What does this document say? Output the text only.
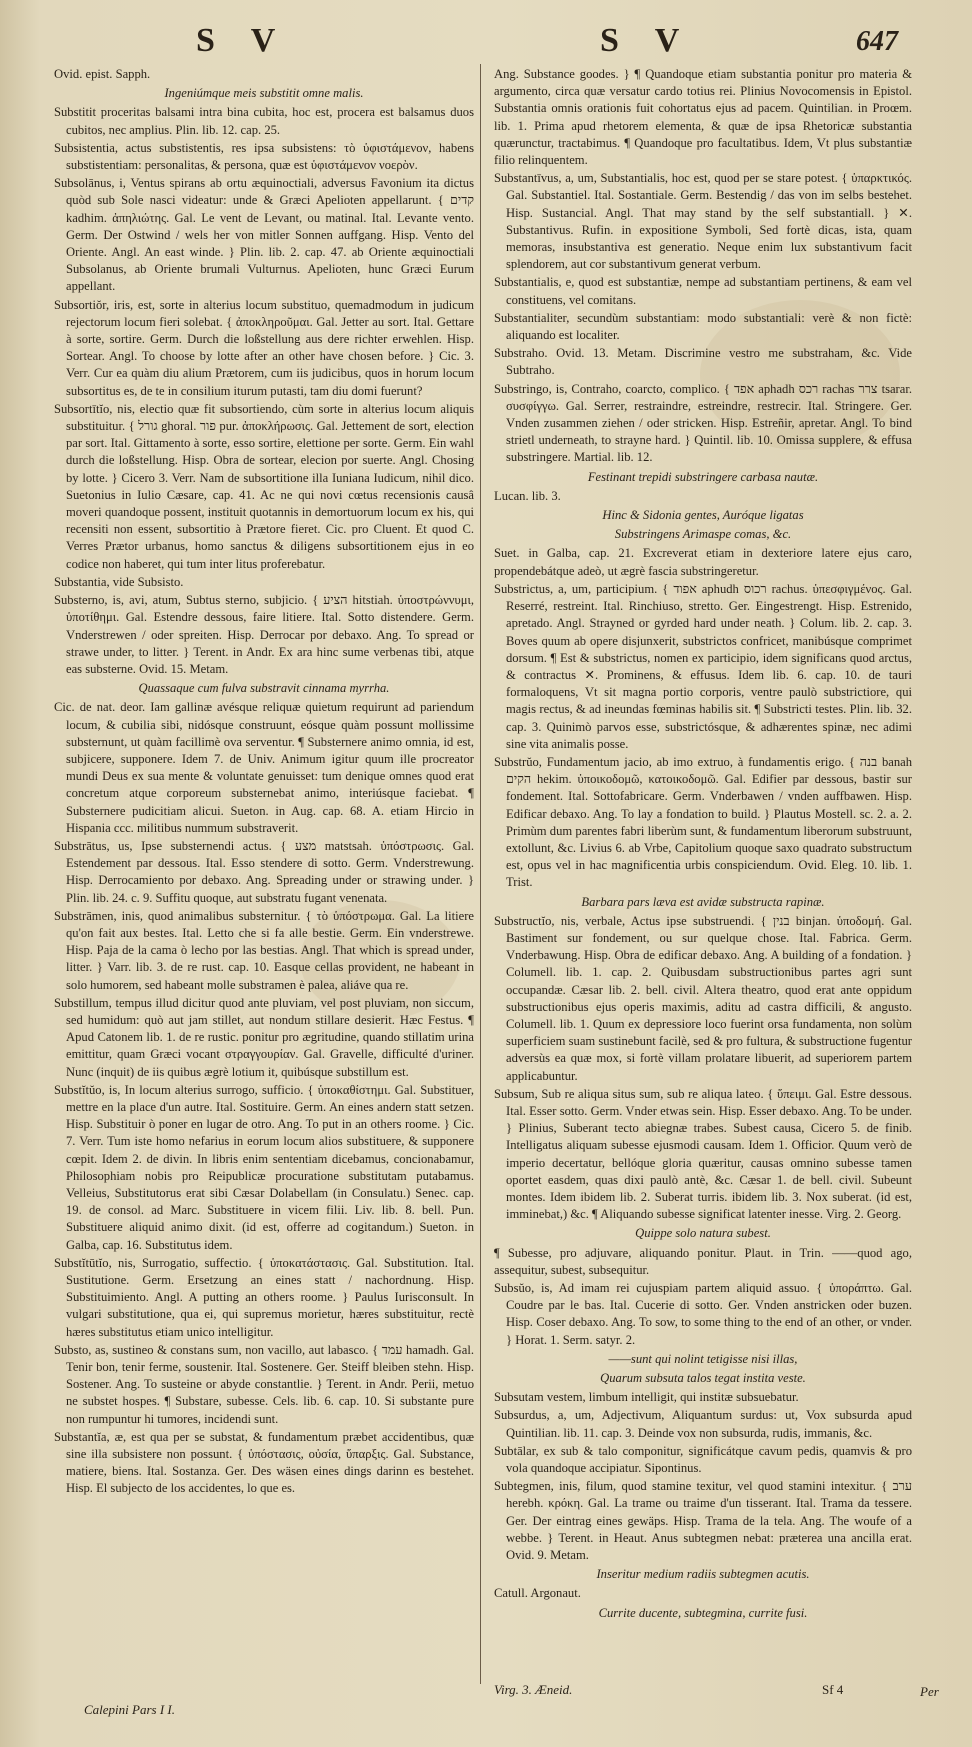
S V	S V	647

Ovid. epist. Sapph.

Ingeniúmque meis substitit omne malis.

Substitit proceritas balsami intra bina cubita, hoc est, procera est balsamus duos cubitos, nec amplius. Plin. lib. 12. cap. 25.

Subsistentia, actus substistentis, res ipsa subsistens: τὸ ὑφιστάμενον, habens substistentiam: personalitas, & persona, quæ est ὑφιστάμενον νοερὸν.

Subsolānus, i, Ventus spirans ab ortu æquinoctiali, adversus Favonium ita dictus quòd sub Sole nasci videatur: unde & Græci Apelioten appellarunt. { קדים kadhim. ἀπηλιώτης. Gal. Le vent de Levant, ou matinal. Ital. Levante vento. Germ. Der Ostwind / wels her von mitler Sonnen auffgang. Hisp. Vento del Oriente. Angl. An east winde. } Plin. lib. 2. cap. 47. ab Oriente æquinoctiali Subsolanus, ab Oriente brumali Vulturnus. Apelioten, hunc Græci Eurum appellant.

Subsortiŏr, iris, est, sorte in alterius locum substituo, quemadmodum in judicum rejectorum locum fieri solebat. { ἀποκληροῦμαι. Gal. Jetter au sort. Ital. Gettare à sorte, sortire. Germ. Durch die loßstellung aus dere richter erwehlen. Hisp. Sortear. Angl. To choose by lotte after an other have chosen before. } Cic. 3. Verr. Cur ea quàm diu alium Prætorem, cum iis judicibus, quos in horum locum subsortitus es, de te in consilium iturum putasti, tam diu domi fuerunt?

Subsortītĭo, nis, electio quæ fit subsortiendo, cùm sorte in alterius locum aliquis substituitur. { גורל ghoral. פור pur. ἀποκλήρωσις. Gal. Jettement de sort, election par sort. Ital. Gittamento à sorte, esso sortire, elettione per sorte. Germ. Ein wahl durch die loßstellung. Hisp. Obra de sortear, elecion por suerte. Angl. Chosing by lotte. } Cicero 3. Verr. Nam de subsortitione illa Iuniana Iudicum, nihil dico. Suetonius in Iulio Cæsare, cap. 41. Ac ne qui novi cœtus recensionis causâ moveri quandoque possent, instituit quotannis in demortuorum locum ex his, qui recensiti non essent, subsortitio à Prætore fieret. Cic. pro Cluent. Et quod C. Verres Prætor urbanus, homo sanctus & diligens subsortitionem ejus in eo codice non haberet, qui tum inter litus proferebatur.

Substantia, vide Subsisto.

Substerno, is, avi, atum, Subtus sterno, subjicio. { הציע hitstiah. ὑποστρώννυμι, ὑποτίθημι. Gal. Estendre dessous, faire litiere. Ital. Sotto distendere. Germ. Vnderstrewen / oder spreiten. Hisp. Derrocar por debaxo. Ang. To spread or strawe under, to litter. } Terent. in Andr. Ex ara hinc sume verbenas tibi, atque eas substerne. Ovid. 15. Metam.

Quassaque cum fulva substravit cinnama myrrha.

Cic. de nat. deor. Iam gallinæ avésque reliquæ quietum requirunt ad pariendum locum, & cubilia sibi, nidósque construunt, eósque quàm possunt mollissime substernunt, ut quàm facillimè ova serventur. ¶ Substernere animo omnia, id est, subjicere, supponere. Idem 7. de Univ. Animum igitur quum ille procreator mundi Deus ex sua mente & voluntate genuisset: tum denique omnes quod erat concretum atque corporeum substernebat animo, interiúsque faciebat. ¶ Substernere pudicitiam alicui. Sueton. in Aug. cap. 68. A. etiam Hircio in Hispania ccc. militibus nummum substraverit.

Substrātus, us, Ipse substernendi actus. { מצע matstsah. ὑπόστρωσις. Gal. Estendement par dessous. Ital. Esso stendere di sotto. Germ. Vnderstrewung. Hisp. Derrocamiento por debaxo. Ang. Spreading under or strawing under. } Plin. lib. 24. c. 9. Suffitu quoque, aut substratu fugant venenata.

Substrāmen, inis, quod animalibus substernitur. { τὸ ὑπόστρωμα. Gal. La litiere qu'on fait aux bestes. Ital. Letto che si fa alle bestie. Germ. Ein vnderstrewe. Hisp. Paja de la cama ò lecho por las bestias. Angl. That which is spread under, litter. } Varr. lib. 3. de re rust. cap. 10. Easque cellas provident, ne habeant in solo humorem, sed habeant molle substramen è palea, aliáve qua re.

Substillum, tempus illud dicitur quod ante pluviam, vel post pluviam, non siccum, sed humidum: quò aut jam stillet, aut nondum stillare desierit. Hæc Festus. ¶ Apud Catonem lib. 1. de re rustic. ponitur pro ægritudine, quando stillatim urina emittitur, quam Græci vocant στραγγουρίαν. Gal. Gravelle, difficulté d'uriner. Nunc (inquit) de iis quibus ægrè lotium it, quibúsque substillum est.

Substĭtŭo, is, In locum alterius surrogo, sufficio. { ὑποκαθίστημι. Gal. Substituer, mettre en la place d'un autre. Ital. Sostituire. Germ. An eines andern statt setzen. Hisp. Substituir ò poner en lugar de otro. Ang. To put in an others roome. } Cic. 7. Verr. Tum iste homo nefarius in eorum locum alios substituere, & supponere cœpit. Idem 2. de divin. In libris enim sententiam dicebamus, concionabamur, Philosophiam nobis pro Reipublicæ procuratione substitutam putabamus. Velleius, Substitutorus erat sibi Cæsar Dolabellam (in Consulatu.) Senec. cap. 19. de consol. ad Marc. Substituere in vicem filii. Liv. lib. 8. bell. Pun. Substituere aliquid animo dixit. (id est, offerre ad cogitandum.) Sueton. in Galba, cap. 16. Substitutus idem.

Substĭtūtĭo, nis, Surrogatio, suffectio. { ὑποκατάστασις. Gal. Substitution. Ital. Sustitutione. Germ. Ersetzung an eines statt / nachordnung. Hisp. Substituimiento. Angl. A putting an others roome. } Paulus Iurisconsult. In vulgari substitutione, qua ei, qui supremus morietur, hæres substituitur, rectè hæres substitutus etiam unico intelligitur.

Substo, as, sustineo & constans sum, non vacillo, aut labasco. { עמד hamadh. Gal. Tenir bon, tenir ferme, soustenir. Ital. Sostenere. Ger. Steiff bleiben stehn. Hisp. Sostener. Ang. To susteine or abyde constantlie. } Terent. in Andr. Perii, metuo ne substet hospes. ¶ Substare, subesse. Cels. lib. 6. cap. 10. Si substante pure non rumpuntur hi tumores, incidendi sunt.

Substantĭa, æ, est qua per se substat, & fundamentum præbet accidentibus, quæ sine illa subsistere non possunt. { ὑπόστασις, οὐσία, ὕπαρξις. Gal. Substance, matiere, biens. Ital. Sostanza. Ger. Des wäsen eines dings darinn es bestehet. Hisp. El subjecto de los accidentes, lo que es.

Ang. Substance goodes. } ¶ Quandoque etiam substantia ponitur pro materia & argumento, circa quæ versatur cardo totius rei. Plinius Novocomensis in Epistol. Substantia omnis orationis fuit cohortatus ejus ad pacem. Quintilian. in Proœm. lib. 1. Prima apud rhetorem elementa, & quæ de ipsa Rhetoricæ substantia quærunctur, tractabimus. ¶ Quandoque pro facultatibus. Idem, Vt plus substantiæ filio relinquentem.

Substantīvus, a, um, Substantialis, hoc est, quod per se stare potest. { ὑπαρκτικός. Gal. Substantiel. Ital. Sostantiale. Germ. Bestendig / das von im selbs bestehet. Hisp. Sustancial. Angl. That may stand by the self substantiall. } ✕. Substantivus. Rufin. in expositione Symboli, Sed fortè dicas, ista, quam memoras, insubstantiva est generatio. Neque enim lux substantivum facit splendorem, aut cor substantivum generat verbum.

Substantialis, e, quod est substantiæ, nempe ad substantiam pertinens, & eam vel constituens, vel comitans.

Substantialiter, secundùm substantiam: modo substantiali: verè & non fictè: aliquando est localiter.

Substraho. Ovid. 13. Metam. Discrimine vestro me substraham, &c. Vide Subtraho.

Substringo, is, Contraho, coarcto, complico. { אפד aphadh רכס rachas צרר tsarar. συσφίγγω. Gal. Serrer, restraindre, estreindre, restrecir. Ital. Stringere. Ger. Vnden zusammen ziehen / oder stricken. Hisp. Estreñir, apretar. Angl. To bind strietl underneath, to strayne hard. } Quintil. lib. 10. Omissa supplere, & effusa substringere. Martial. lib. 12.

Festinant trepidi substringere carbasa nautæ.

Lucan. lib. 3.

Hinc & Sidonia gentes, Auróque ligatas

Substringens Arimaspe comas, &c.

Suet. in Galba, cap. 21. Excreverat etiam in dexteriore latere ejus caro, propendebátque adeò, ut ægrè fascia substringeretur.

Substrictus, a, um, participium. { אפוד aphudh רכוס rachus. ὑπεσφιγμένος. Gal. Reserré, restreint. Ital. Rinchiuso, stretto. Ger. Eingestrengt. Hisp. Estrenido, apretado. Angl. Strayned or gyrded hard under neath. } Colum. lib. 2. cap. 3. Boves quum ab opere disjunxerit, substrictos confricet, manibúsque comprimet dorsum. ¶ Est & substrictus, nomen ex participio, idem significans quod arctus, & contractus ✕. Prominens, & effusus. Idem lib. 6. cap. 10. de tauri formaloquens, Vt sit magna portio corporis, ventre paulò substrictiore, qui magis rectus, & ad ineundas fœminas habilis sit. ¶ Substricti testes. Plin. lib. 32. cap. 3. Quinimò parvos esse, substrictósque, & adhærentes spinæ, nec adimi sine vita animalis posse.

Substrŭo, Fundamentum jacio, ab imo extruo, à fundamentis erigo. { בנה banah הקים hekim. ὑποικοδομῶ, κατοικοδομῶ. Gal. Edifier par dessous, bastir sur fondement. Ital. Sottofabricare. Germ. Vnderbawen / vnden auffbawen. Hisp. Edificar debaxo. Ang. To lay a fondation to build. } Plautus Mostell. sc. 2. a. 2. Primùm dum parentes fabri liberùm sunt, & fundamentum liberorum substruunt, extollunt, &c. Livius 6. ab Vrbe, Capitolium quoque saxo quadrato substructum est, opus vel in hac magnificentia urbis conspiciendum. Ovid. Eleg. 10. lib. 1. Trist.

Barbara pars læva est avidæ substructa rapinæ.

Substructĭo, nis, verbale, Actus ipse substruendi. { בנין binjan. ὑποδομή. Gal. Bastiment sur fondement, ou sur quelque chose. Ital. Fabrica. Germ. Vnderbawung. Hisp. Obra de edificar debaxo. Ang. A building of a fondation. } Columell. lib. 1. cap. 2. Quibusdam substructionibus partes agri sunt occupandæ. Cæsar lib. 2. bell. civil. Altera theatro, quod erat ante oppidum substructionibus ejus operis maximis, aditu ad castra difficili, & angusto. Columell. lib. 1. Quum ex depressiore loco fuerint orsa fundamenta, non solùm superficiem suam sustinebunt facilè, sed & pro fultura, & substructione fugentur adversùs ea quæ mox, si fortè villam prolatare libuerit, ad superiorem partem applicabuntur.

Subsum, Sub re aliqua situs sum, sub re aliqua lateo. { ὕπειμι. Gal. Estre dessous. Ital. Esser sotto. Germ. Vnder etwas sein. Hisp. Esser debaxo. Ang. To be under. } Plinius, Suberant tecto abiegnæ trabes. Subest causa, Cicero 5. de finib. Intelligatus aliquam subesse ejusmodi causam. Idem 1. Officior. Quum verò de imperio decertatur, bellóque gloria quæritur, causas omnino subesse tamen oportet easdem, quas dixi paulò antè, &c. Cæsar 1. de bell. civil. Subeunt montes. Idem ibidem lib. 2. Suberat turris. ibidem lib. 3. Nox suberat. (id est, imminebat,) &c. ¶ Aliquando subesse significat latenter inesse. Virg. 2. Georg.

Quippe solo natura subest.

¶ Subesse, pro adjuvare, aliquando ponitur. Plaut. in Trin. ——quod ago, assequitur, subest, subsequitur.

Subsŭo, is, Ad imam rei cujuspiam partem aliquid assuo. { ὑποράπτω. Gal. Coudre par le bas. Ital. Cucerie di sotto. Ger. Vnden anstricken oder buzen. Hisp. Coser debaxo. Ang. To sow, to some thing to the end of an other, or vnder. } Horat. 1. Serm. satyr. 2.

——sunt qui nolint tetigisse nisi illas,

Quarum subsuta talos tegat instita veste.

Subsutam vestem, limbum intelligit, qui institæ subsuebatur.

Subsurdus, a, um, Adjectivum, Aliquantum surdus: ut, Vox subsurda apud Quintilian. lib. 11. cap. 3. Deinde vox non subsurda, rudis, immanis, &c.

Subtālar, ex sub & talo componitur, significátque cavum pedis, quamvis & pro vola quandoque accipiatur. Sipontinus.

Subtegmen, inis, filum, quod stamine texitur, vel quod stamini intexitur. { ערב herebh. κρόκη. Gal. La trame ou traime d'un tisserant. Ital. Trama da tessere. Ger. Der eintrag eines gewäps. Hisp. Trama de la tela. Ang. The woufe of a webbe. } Terent. in Heaut. Anus subtegmen nebat: præterea una ancilla erat. Ovid. 9. Metam.

Inseritur medium radiis subtegmen acutis.

Catull. Argonaut.

Currite ducente, subtegmina, currite fusi.

Calepini Pars I I.
Virg. 3. Æneid.	Sf 4	Per
